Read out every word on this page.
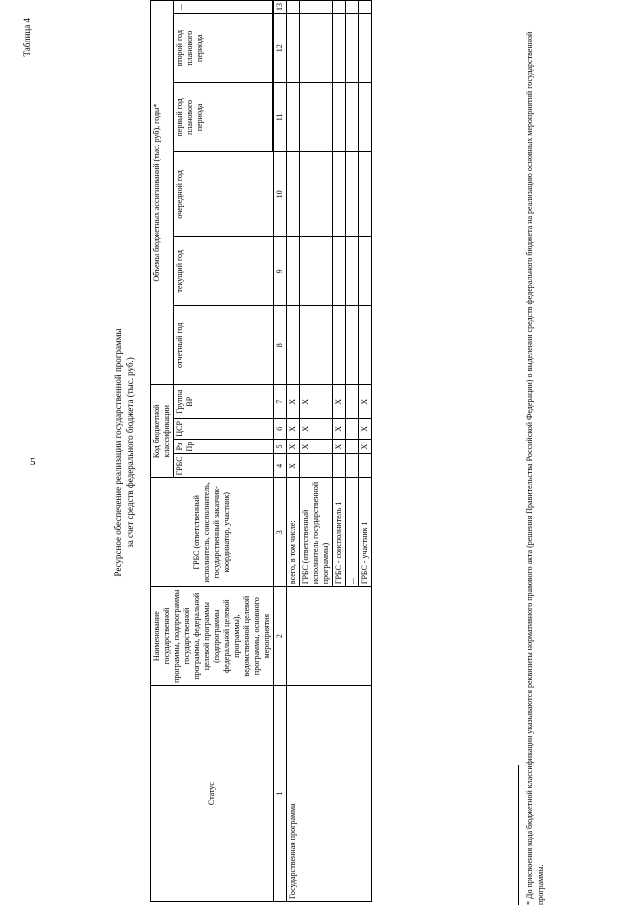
5
Таблица 4
Ресурсное обеспечение реализации государственной программы за счет средств федерального бюджета (тыс. руб.)
Статус	Наименование государственной программы, подпрограммы государственной программы, федеральной целевой программы (подпрограммы федеральной целевой программы), ведомственной целевой программы, основного мероприятия	ГРБС (ответственный исполнитель, соисполнитель, государственный заказчик-координатор, участник)	Код бюджетной классификации				Объемы бюджетных ассигнований (тыс. руб), годы*					
			ГРБС	Рз Пр	ЦСР	Группа ВР	отчетный год	текущий год	очередной год	первый год планового периода	второй год планового периода	...

1	2	3	4	5	6	7	8	9	10	11	12	13
Государственная программа		всего, в том числе:	Х	Х	Х	Х						
		ГРБС (ответственный исполнитель государственной программы)		Х	Х	Х						
		ГРБС - соисполнитель 1		Х	Х	Х						
		...										
		ГРБС - участник 1		Х	Х	Х							* До присвоения кода бюджетной классификации указываются реквизиты нормативного правового акта (решения Правительства Российской Федерации) о выделении средств федерального бюджета на реализацию основных мероприятий государственной программы.
